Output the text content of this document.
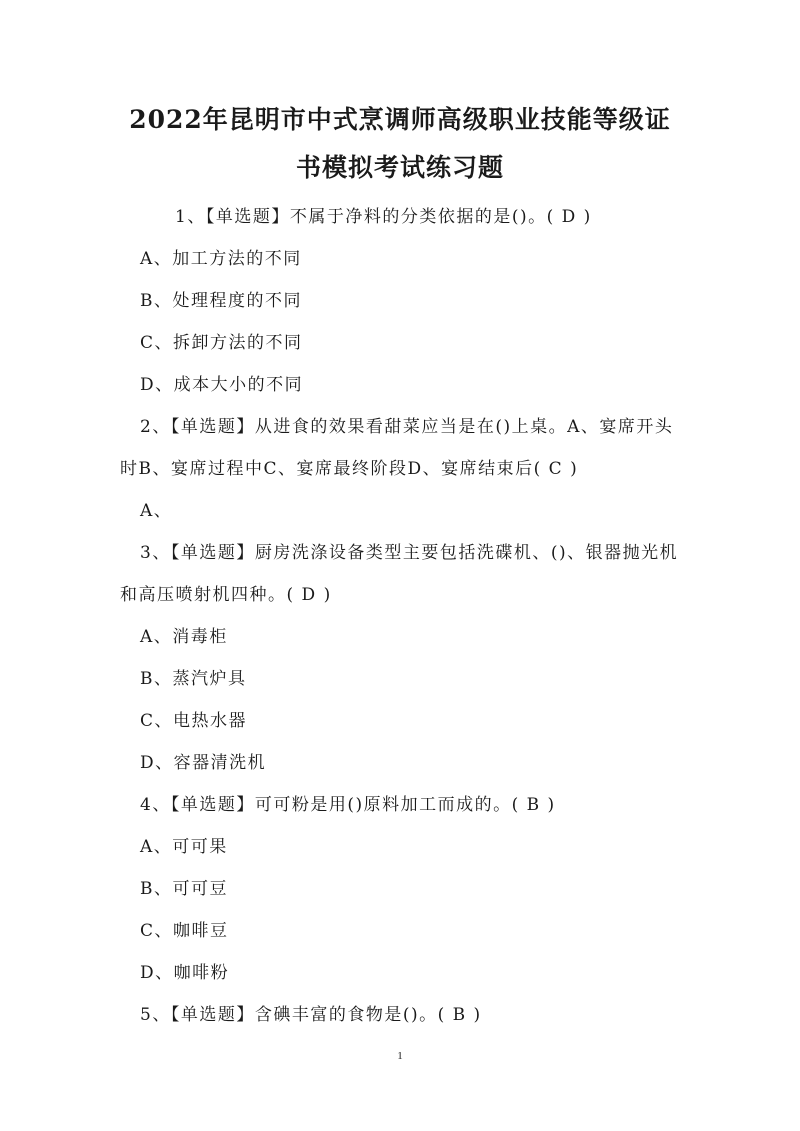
2022年昆明市中式烹调师高级职业技能等级证
书模拟考试练习题
1、【单选题】不属于净料的分类依据的是()。( D )
A、加工方法的不同
B、处理程度的不同
C、拆卸方法的不同
D、成本大小的不同
2、【单选题】从进食的效果看甜菜应当是在()上桌。A、宴席开头
时B、宴席过程中C、宴席最终阶段D、宴席结束后( C )
A、
3、【单选题】厨房洗涤设备类型主要包括洗碟机、()、银器抛光机
和高压喷射机四种。( D )
A、消毒柜
B、蒸汽炉具
C、电热水器
D、容器清洗机
4、【单选题】可可粉是用()原料加工而成的。( B )
A、可可果
B、可可豆
C、咖啡豆
D、咖啡粉
5、【单选题】含碘丰富的食物是()。( B )
1
